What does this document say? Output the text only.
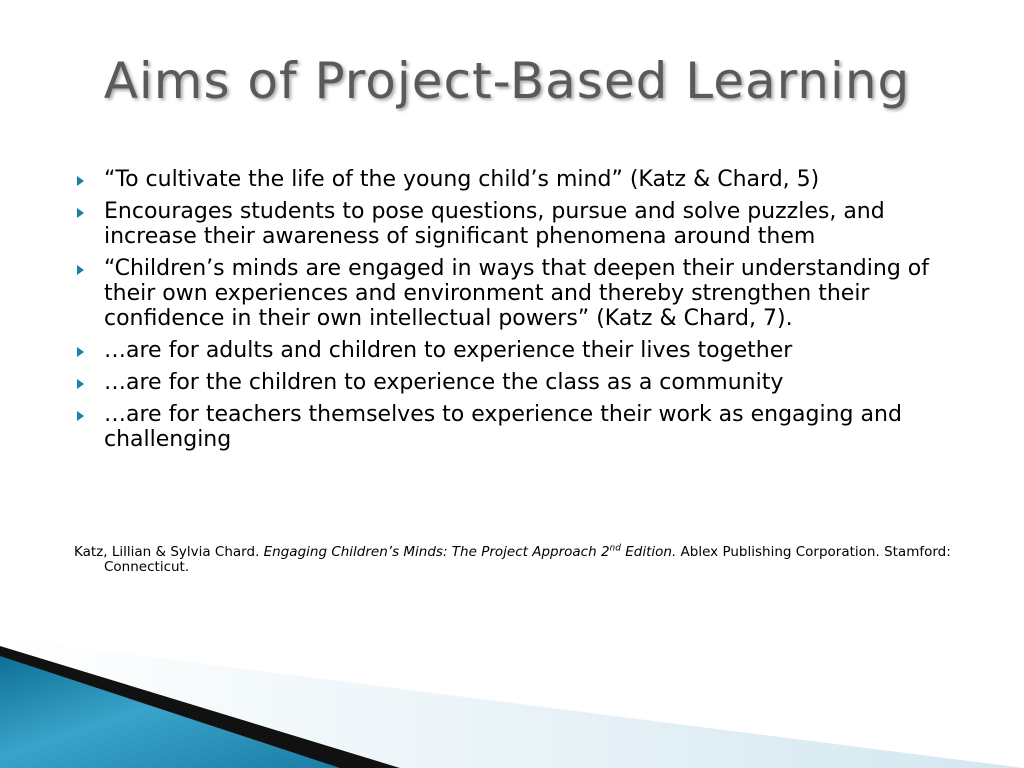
Aims of Project-Based Learning
“To cultivate the life of the young child’s mind” (Katz & Chard, 5)
Encourages students to pose questions, pursue and solve puzzles, and increase their awareness of significant phenomena around them
“Children’s minds are engaged in ways that deepen their understanding of their own experiences and environment and thereby strengthen their confidence in their own intellectual powers” (Katz & Chard, 7).
…are for adults and children to experience their lives together
…are for the children to experience the class as a community
…are for teachers themselves to experience their work as engaging and challenging
Katz, Lillian & Sylvia Chard. Engaging Children’s Minds: The Project Approach 2nd Edition. Ablex Publishing Corporation. Stamford: Connecticut.
